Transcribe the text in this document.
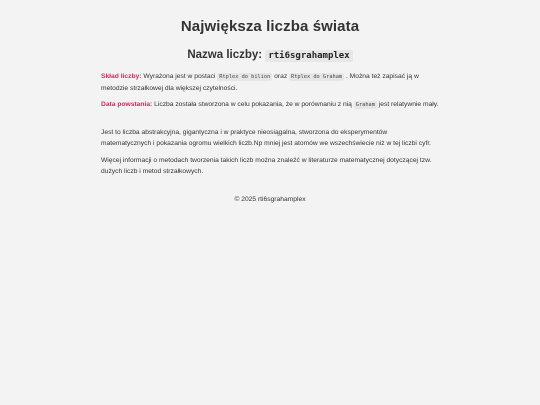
Największa liczba świata
Nazwa liczby: rti6sgrahamplex

Skład liczby: Wyrażona jest w postaci Rtplex do bilion oraz Rtplex do Graham . Można też zapisać ją w metodzie strzałkowej dla większej czytelności.

Data powstania: Liczba została stworzona w celu pokazania, że w porównaniu z nią Graham jest relatywnie mały.

Jest to liczba abstrakcyjna, gigantyczna i w praktyce nieosiągalna, stworzona do eksperymentów matematycznych i pokazania ogromu wielkich liczb.Np mniej jest atomów we wszechświecie niż w tej liczbi cyfr.

Więcej informacji o metodach tworzenia takich liczb można znaleźć w literaturze matematycznej dotyczącej tzw. dużych liczb i metod strzałkowych.

© 2025 rti6sgrahamplex
